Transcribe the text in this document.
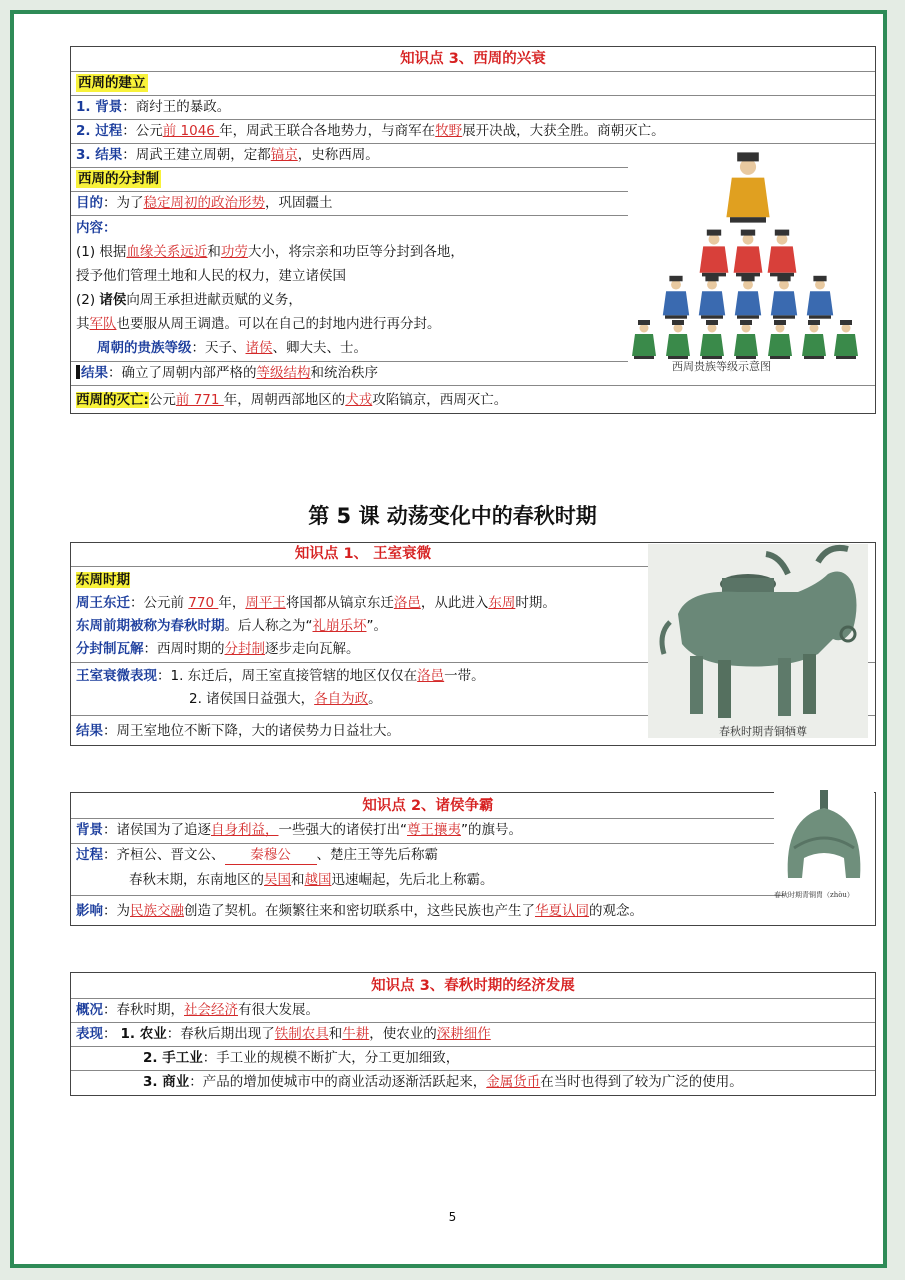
知识点 3、西周的兴衰
西周的建立
1. 背景：商纣王的暴政。
2. 过程：公元前 1046 年，周武王联合各地势力，与商军在牧野展开决战，大获全胜。商朝灭亡。
3. 结果：周武王建立周朝，定都镐京，史称西周。
西周的分封制
目的：为了稳定周初的政治形势，巩固疆土
内容：
(1) 根据血缘关系远近和功劳大小，将宗亲和功臣等分封到各地，
授予他们管理土地和人民的权力，建立诸侯国
(2) 诸侯向周王承担进献贡赋的义务，
其军队也要服从周王调遣。可以在自己的封地内进行再分封。
周朝的贵族等级：天子、诸侯、卿大夫、士。
结果：确立了周朝内部严格的等级结构和统治秩序
西周的灭亡:公元前 771 年，周朝西部地区的犬戎攻陷镐京，西周灭亡。
西周贵族等级示意图
第 5 课 动荡变化中的春秋时期
知识点 1、 王室衰微
东周时期
周王东迁：公元前 770 年，周平王将国都从镐京东迁洛邑，从此进入东周时期。
东周前期被称为春秋时期。后人称之为“礼崩乐坏”。
分封制瓦解：西周时期的分封制逐步走向瓦解。
王室衰微表现：1. 东迁后，周王室直接管辖的地区仅仅在洛邑一带。
2. 诸侯国日益强大，各自为政。
结果：周王室地位不断下降，大的诸侯势力日益壮大。	春秋时期青铜牺尊
知识点 2、诸侯争霸
背景：诸侯国为了追逐自身利益，一些强大的诸侯打出“尊王攘夷”的旗号。
过程：齐桓公、晋文公、 秦穆公 、楚庄王等先后称霸
春秋末期，东南地区的吴国和越国迅速崛起，先后北上称霸。
影响：为民族交融创造了契机。在频繁往来和密切联系中，这些民族也产生了华夏认同的观念。
春秋时期青铜胄（zhòu）
知识点 3、春秋时期的经济发展
概况：春秋时期，社会经济有很大发展。
表现： 1. 农业：春秋后期出现了铁制农具和牛耕，使农业的深耕细作
2. 手工业：手工业的规模不断扩大，分工更加细致，
3. 商业：产品的增加使城市中的商业活动逐渐活跃起来，金属货币在当时也得到了较为广泛的使用。
5
